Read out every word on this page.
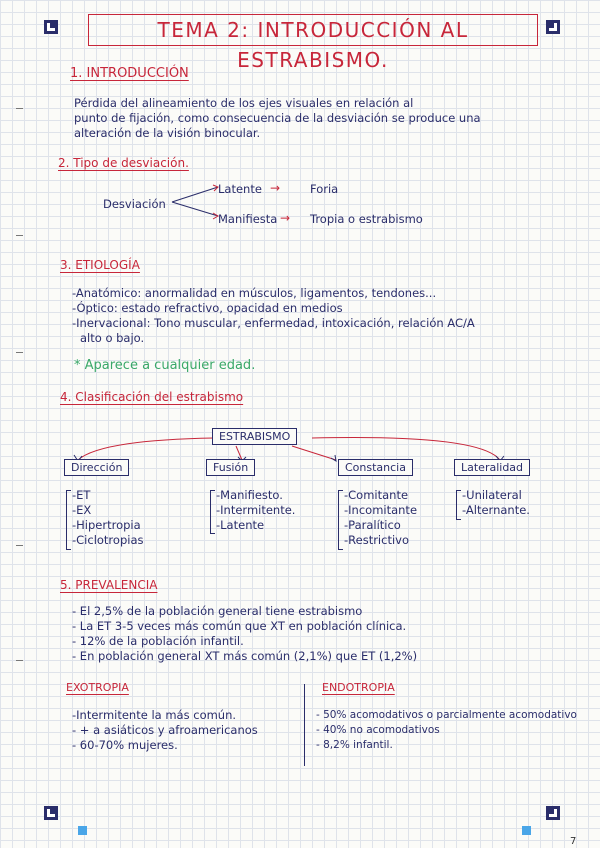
7
TEMA 2: INTRODUCCIÓN AL ESTRABISMO.
1. INTRODUCCIÓN
Pérdida del alineamiento de los ejes visuales en relación al
punto de fijación, como consecuencia de la desviación se produce una
alteración de la visión binocular.
2. Tipo de desviación.
Desviación
Latente →	Foria
Manifiesta → Tropia o estrabismo
3. ETIOLOGÍA
-Anatómico: anormalidad en músculos, ligamentos, tendones...
-Óptico: estado refractivo, opacidad en medios
-Inervacional: Tono muscular, enfermedad, intoxicación, relación AC/A
alto o bajo.
* Aparece a cualquier edad.
4. Clasificación del estrabismo
ESTRABISMO
Dirección	Fusión	Constancia	Lateralidad
-ET
-EX
-Hipertropia
-Ciclotropias
-Manifiesto.
-Intermitente.
-Latente
-Comitante
-Incomitante
-Paralítico
-Restrictivo
-Unilateral
-Alternante.
5. PREVALENCIA
- El 2,5% de la población general tiene estrabismo
- La ET 3-5 veces más común que XT en población clínica.
- 12% de la población infantil.
- En población general XT más común (2,1%) que ET (1,2%)
EXOTROPIA
-Intermitente la más común.
- + a asiáticos y afroamericanos
- 60-70% mujeres.
ENDOTROPIA
- 50% acomodativos o parcialmente acomodativo
- 40% no acomodativos
- 8,2% infantil.
